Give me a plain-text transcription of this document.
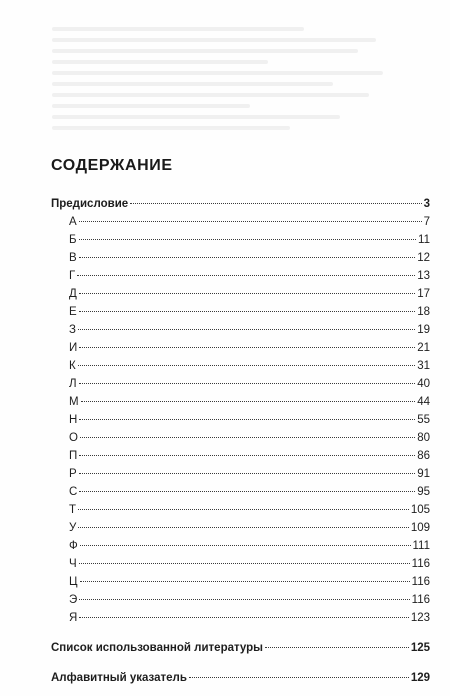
СОДЕРЖАНИЕ
Предисловие	3
А	7
Б	11
В	12
Г	13
Д	17
Е	18
З	19
И	21
К	31
Л	40
М	44
Н	55
О	80
П	86
Р	91
С	95
Т	105
У	109
Ф	111
Ч	116
Ц	116
Э	116
Я	123
Список использованной литературы	125
Алфавитный указатель	129
